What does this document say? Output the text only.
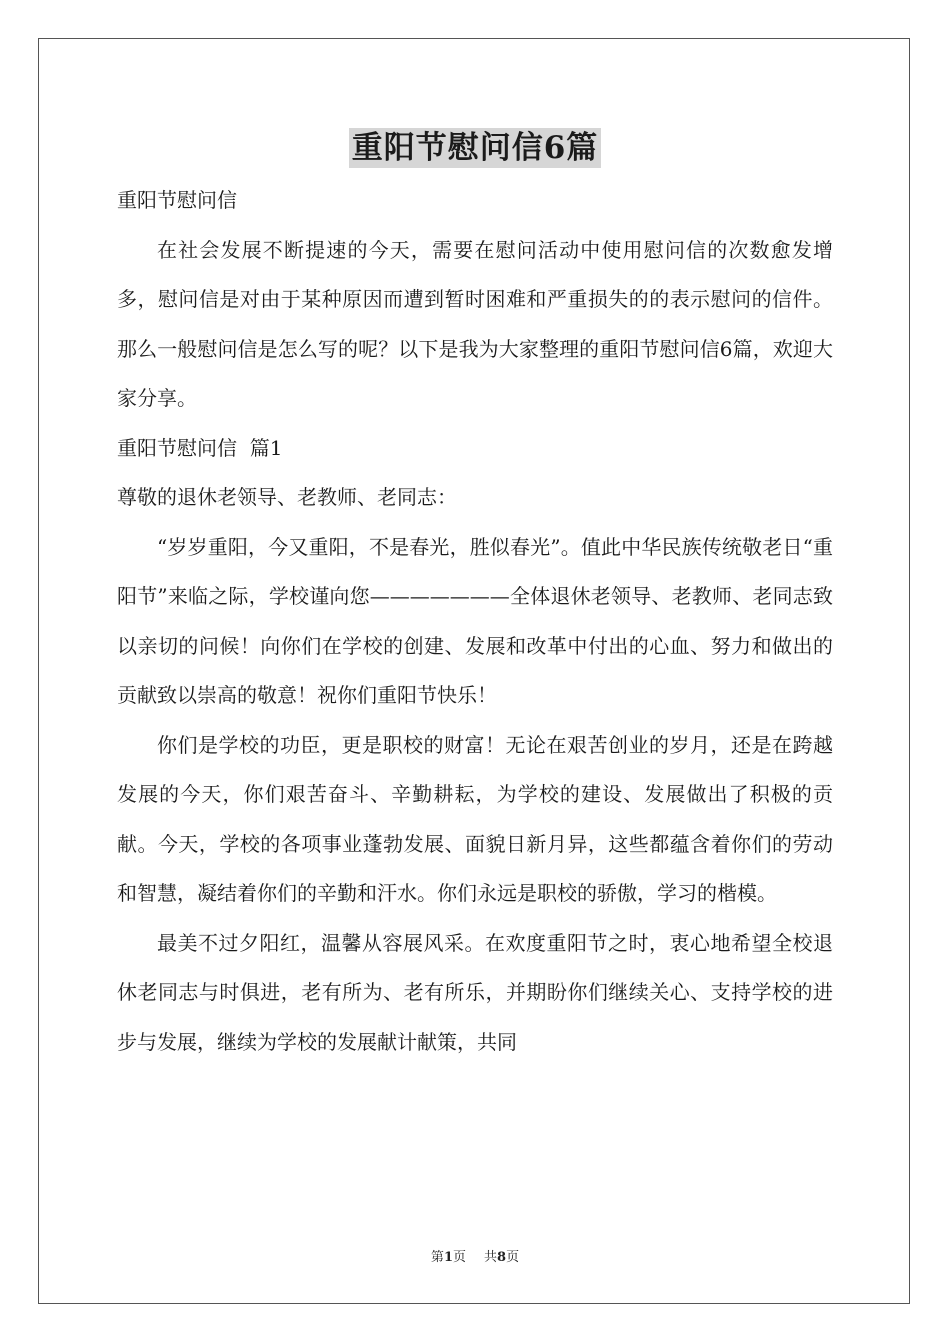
重阳节慰问信6篇

重阳节慰问信

在社会发展不断提速的今天，需要在慰问活动中使用慰问信的次数愈发增多，慰问信是对由于某种原因而遭到暂时困难和严重损失的的表示慰问的信件。那么一般慰问信是怎么写的呢？以下是我为大家整理的重阳节慰问信6篇，欢迎大家分享。

重阳节慰问信  篇1

尊敬的退休老领导、老教师、老同志：

“岁岁重阳，今又重阳，不是春光，胜似春光”。值此中华民族传统敬老日“重阳节”来临之际，学校谨向您———————全体退休老领导、老教师、老同志致以亲切的问候！向你们在学校的创建、发展和改革中付出的心血、努力和做出的贡献致以崇高的敬意！祝你们重阳节快乐！

你们是学校的功臣，更是职校的财富！无论在艰苦创业的岁月，还是在跨越发展的今天，你们艰苦奋斗、辛勤耕耘，为学校的建设、发展做出了积极的贡献。今天，学校的各项事业蓬勃发展、面貌日新月异，这些都蕴含着你们的劳动和智慧，凝结着你们的辛勤和汗水。你们永远是职校的骄傲，学习的楷模。

最美不过夕阳红，温馨从容展风采。在欢度重阳节之时，衷心地希望全校退休老同志与时俱进，老有所为、老有所乐，并期盼你们继续关心、支持学校的进步与发展，继续为学校的发展献计献策，共同

第1页 共8页
